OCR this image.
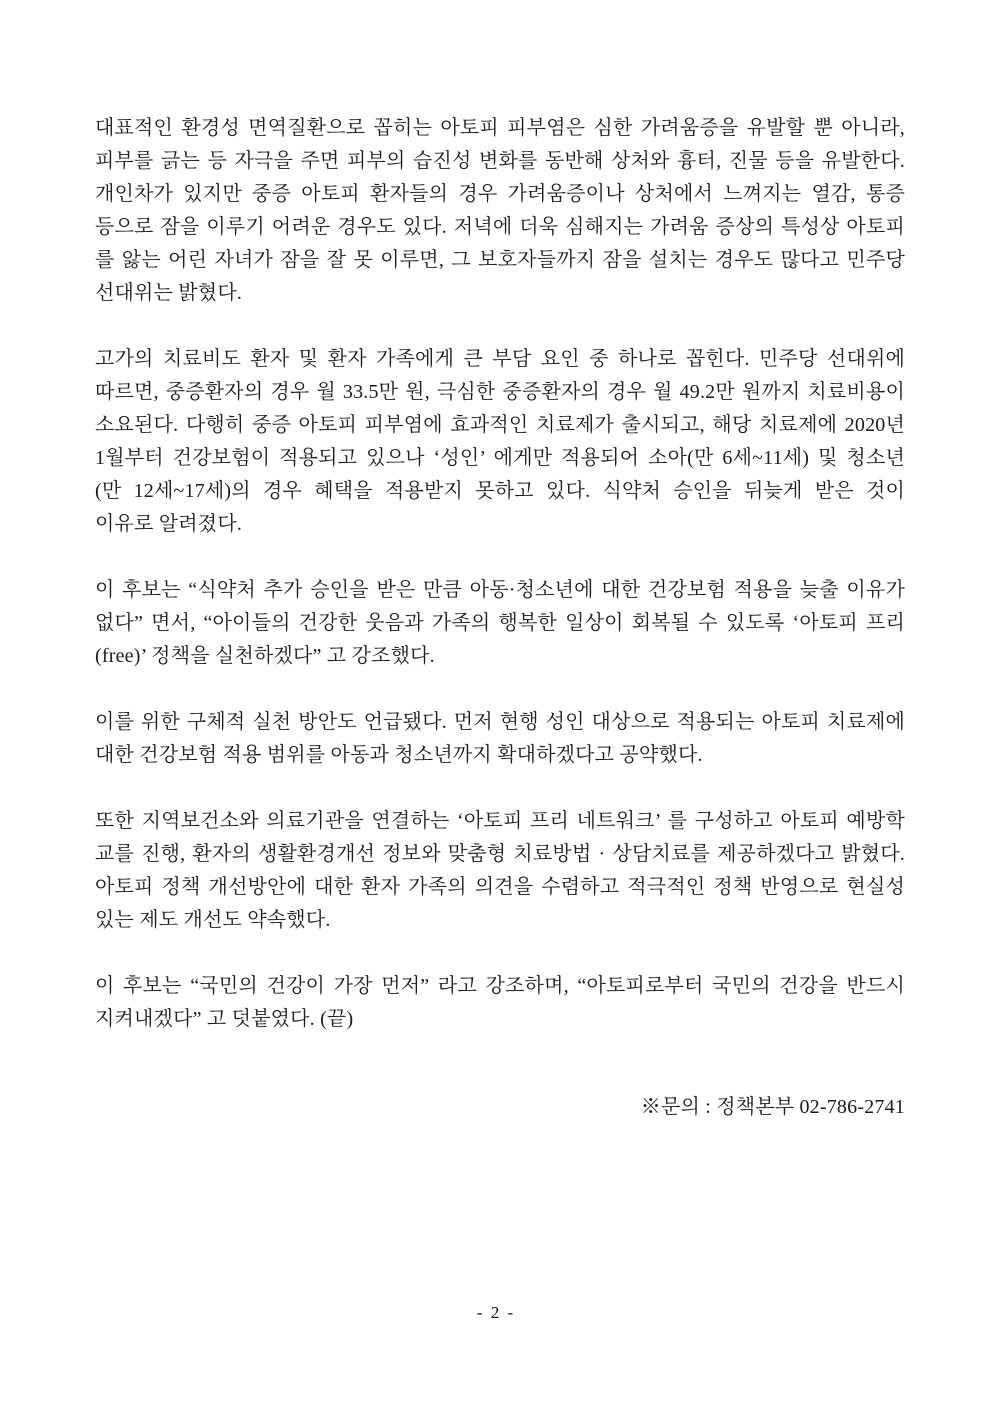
대표적인 환경성 면역질환으로 꼽히는 아토피 피부염은 심한 가려움증을 유발할 뿐 아니라,
피부를 긁는 등 자극을 주면 피부의 습진성 변화를 동반해 상처와 흉터, 진물 등을 유발한다.
개인차가 있지만 중증 아토피 환자들의 경우 가려움증이나 상처에서 느껴지는 열감, 통증
등으로 잠을 이루기 어려운 경우도 있다. 저녁에 더욱 심해지는 가려움 증상의 특성상 아토피
를 앓는 어린 자녀가 잠을 잘 못 이루면, 그 보호자들까지 잠을 설치는 경우도 많다고 민주당
선대위는 밝혔다.
고가의 치료비도 환자 및 환자 가족에게 큰 부담 요인 중 하나로 꼽힌다. 민주당 선대위에
따르면, 중증환자의 경우 월 33.5만 원, 극심한 중증환자의 경우 월 49.2만 원까지 치료비용이
소요된다. 다행히 중증 아토피 피부염에 효과적인 치료제가 출시되고, 해당 치료제에 2020년
1월부터 건강보험이 적용되고 있으나 ‘성인’ 에게만 적용되어 소아(만 6세~11세) 및 청소년
(만 12세~17세)의 경우 혜택을 적용받지 못하고 있다. 식약처 승인을 뒤늦게 받은 것이
이유로 알려졌다.
이 후보는 “식약처 추가 승인을 받은 만큼 아동·청소년에 대한 건강보험 적용을 늦출 이유가
없다” 면서, “아이들의 건강한 웃음과 가족의 행복한 일상이 회복될 수 있도록 ‘아토피 프리
(free)’ 정책을 실천하겠다” 고 강조했다.
이를 위한 구체적 실천 방안도 언급됐다. 먼저 현행 성인 대상으로 적용되는 아토피 치료제에
대한 건강보험 적용 범위를 아동과 청소년까지 확대하겠다고 공약했다.
또한 지역보건소와 의료기관을 연결하는 ‘아토피 프리 네트워크’ 를 구성하고 아토피 예방학
교를 진행, 환자의 생활환경개선 정보와 맞춤형 치료방법 · 상담치료를 제공하겠다고 밝혔다.
아토피 정책 개선방안에 대한 환자 가족의 의견을 수렴하고 적극적인 정책 반영으로 현실성
있는 제도 개선도 약속했다.
이 후보는 “국민의 건강이 가장 먼저” 라고 강조하며, “아토피로부터 국민의 건강을 반드시
지켜내겠다” 고 덧붙였다. (끝)
※문의 : 정책본부 02-786-2741
- 2 -
